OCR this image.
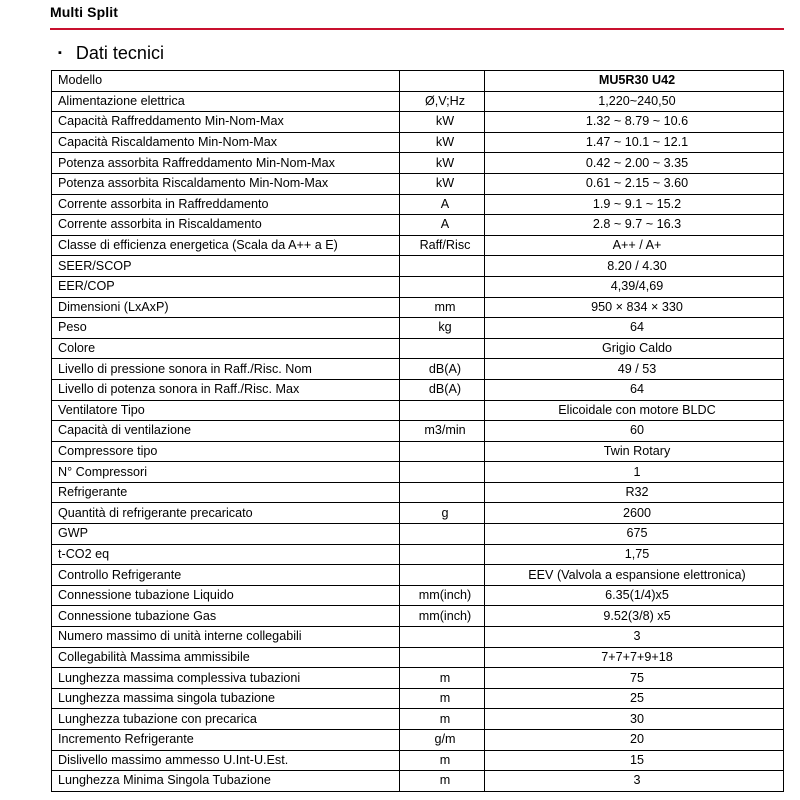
Multi Split
▪ Dati tecnici
Modello		MU5R30 U42
Alimentazione elettrica	Ø,V;Hz	1,220~240,50
Capacità Raffreddamento Min-Nom-Max	kW	1.32 ~ 8.79 ~ 10.6
Capacità Riscaldamento Min-Nom-Max	kW	1.47 ~ 10.1 ~ 12.1
Potenza assorbita Raffreddamento Min-Nom-Max	kW	0.42 ~ 2.00 ~ 3.35
Potenza assorbita Riscaldamento Min-Nom-Max	kW	0.61 ~ 2.15 ~ 3.60
Corrente assorbita in Raffreddamento	A	1.9 ~ 9.1 ~ 15.2
Corrente assorbita in Riscaldamento	A	2.8 ~ 9.7 ~ 16.3
Classe di efficienza energetica (Scala da A++ a E)	Raff/Risc	A++ / A+
SEER/SCOP		8.20 / 4.30
EER/COP		4,39/4,69
Dimensioni (LxAxP)	mm	950 × 834 × 330
Peso	kg	64
Colore		Grigio Caldo
Livello di pressione sonora in Raff./Risc. Nom	dB(A)	49 / 53
Livello di potenza sonora in Raff./Risc. Max	dB(A)	64
Ventilatore Tipo		Elicoidale con motore BLDC
Capacità di ventilazione	m3/min	60
Compressore tipo		Twin Rotary
N° Compressori		1
Refrigerante		R32
Quantità di refrigerante precaricato	g	2600
GWP		675
t-CO2 eq		1,75
Controllo Refrigerante		EEV (Valvola a espansione elettronica)
Connessione tubazione Liquido	mm(inch)	6.35(1/4)x5
Connessione tubazione Gas	mm(inch)	9.52(3/8) x5
Numero massimo di unità interne collegabili		3
Collegabilità Massima ammissibile		7+7+7+9+18
Lunghezza massima complessiva tubazioni	m	75
Lunghezza massima singola tubazione	m	25
Lunghezza tubazione con precarica	m	30
Incremento Refrigerante	g/m	20
Dislivello massimo ammesso U.Int-U.Est.	m	15
Lunghezza Minima Singola Tubazione	m	3
